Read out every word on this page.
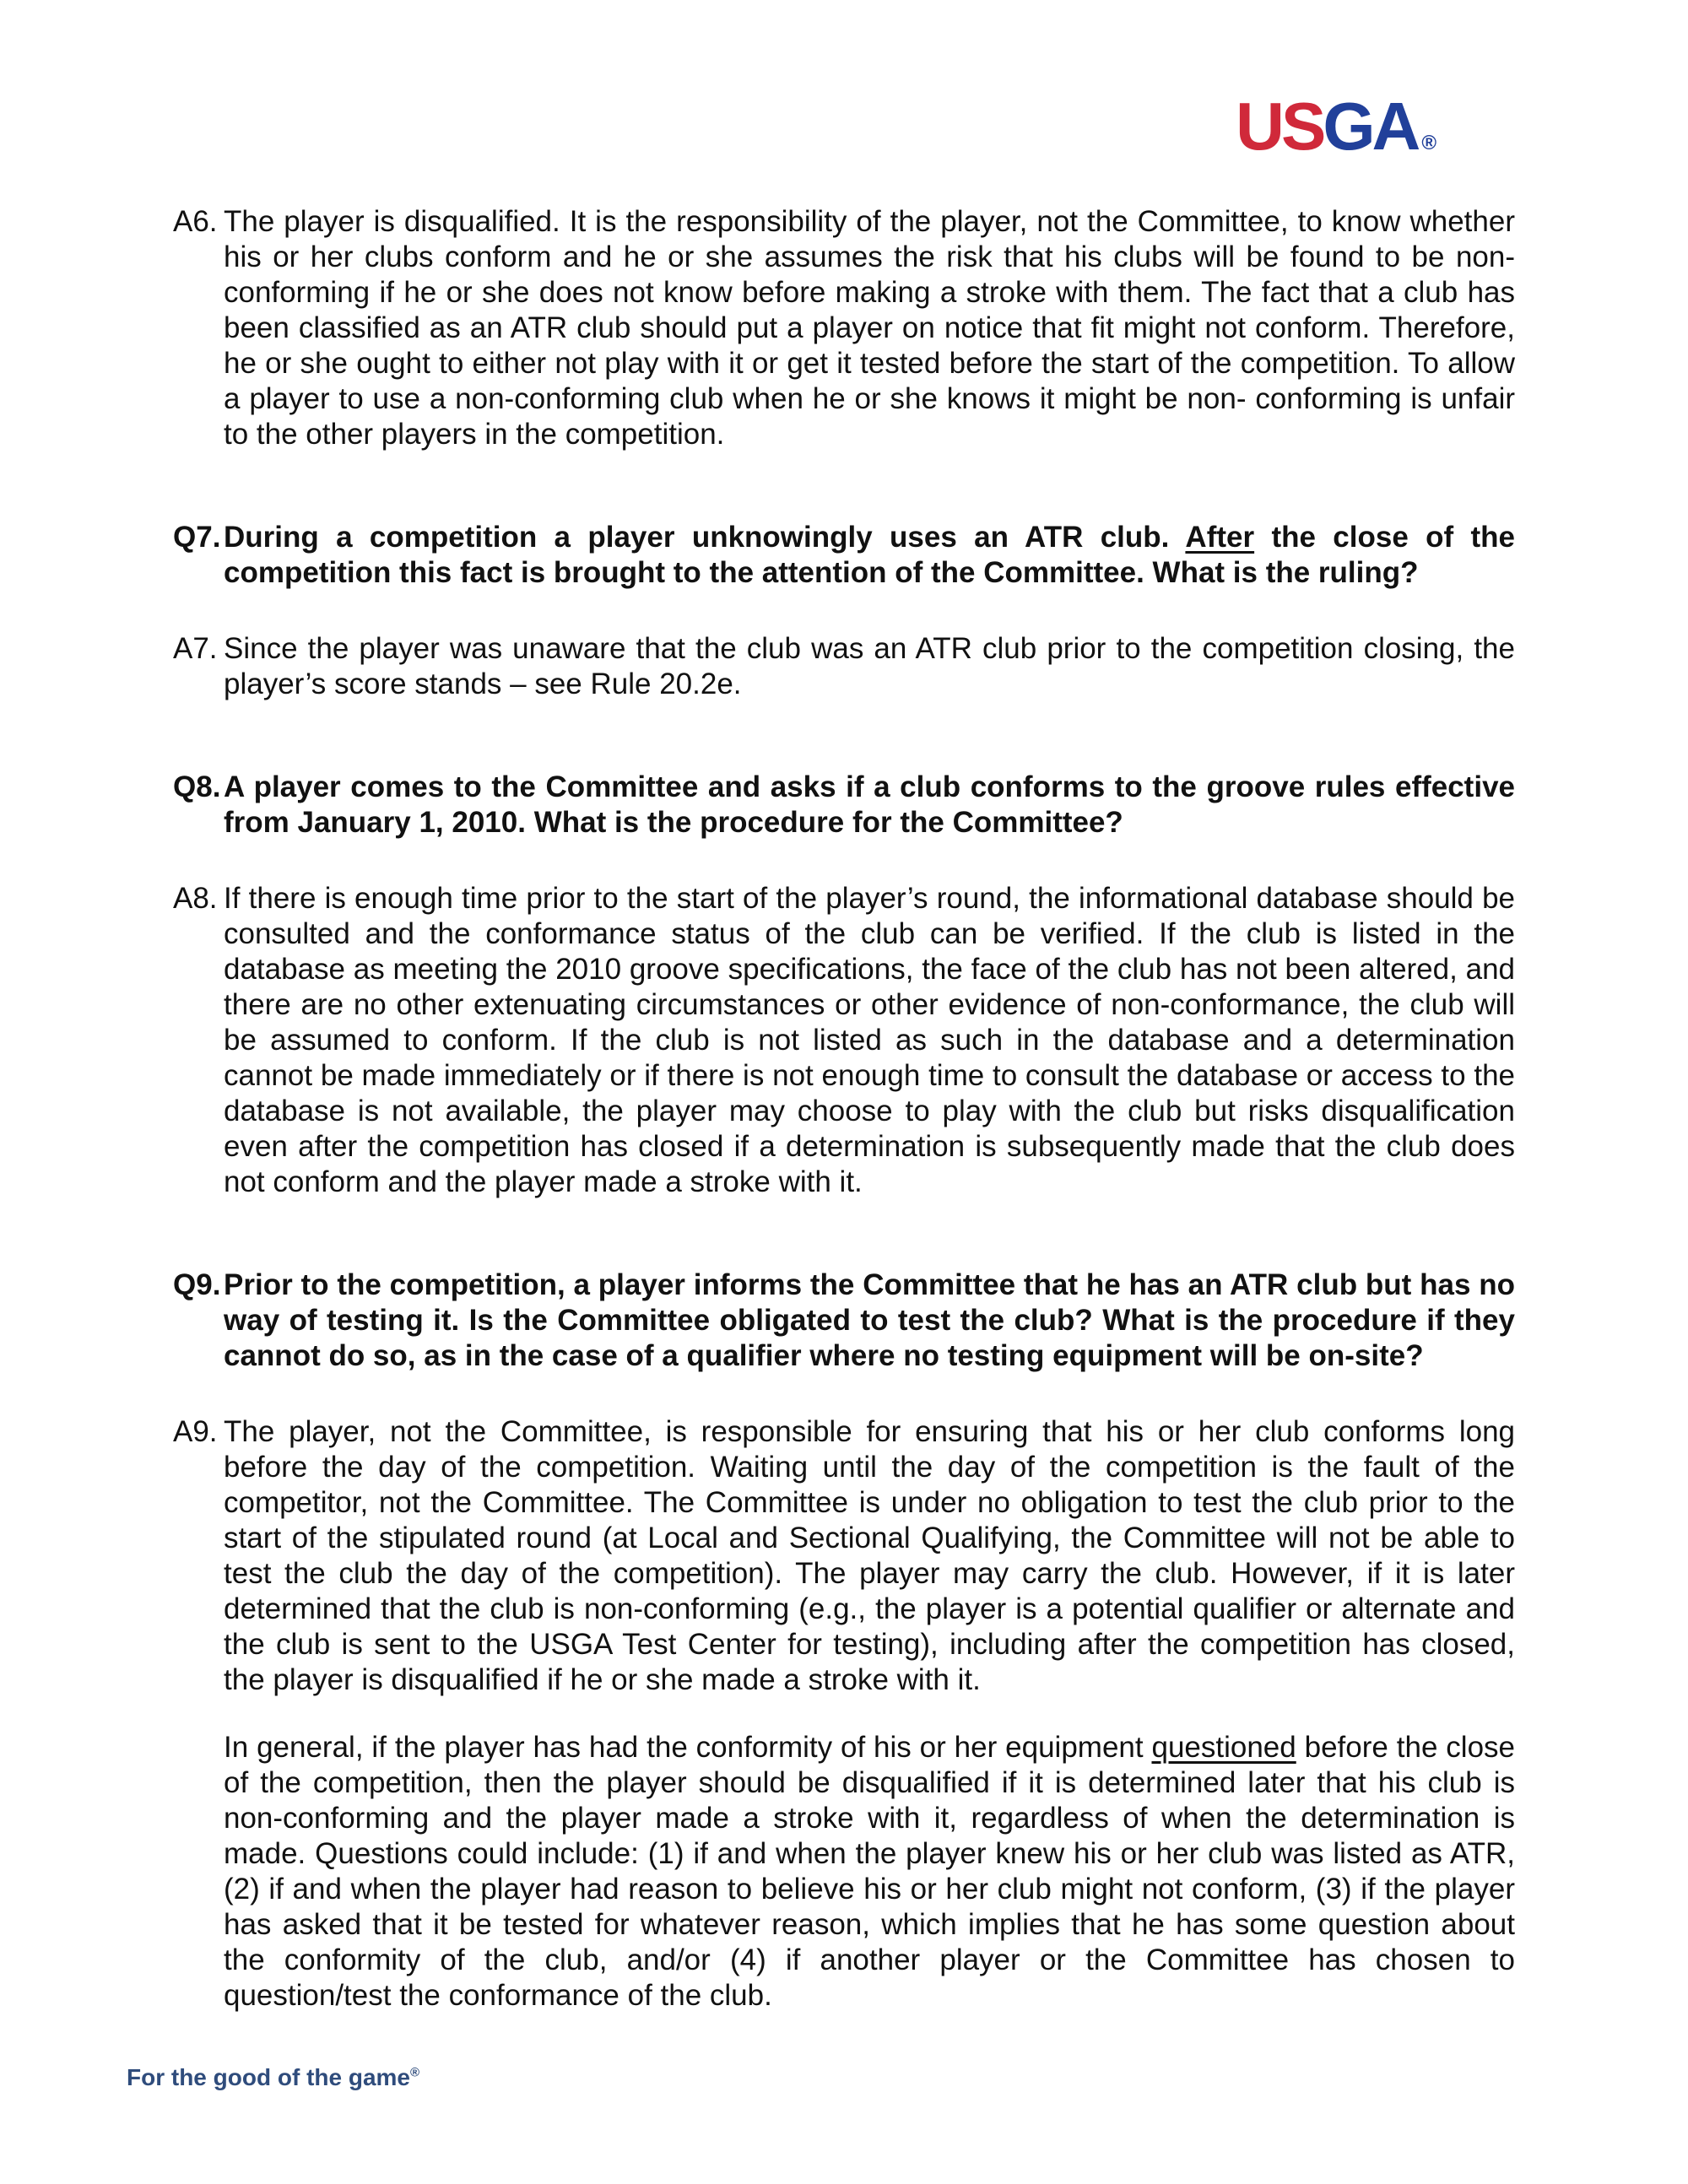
USGA ®
A6. The player is disqualified. It is the responsibility of the player, not the Committee, to know whether his or her clubs conform and he or she assumes the risk that his clubs will be found to be non-conforming if he or she does not know before making a stroke with them. The fact that a club has been classified as an ATR club should put a player on notice that fit might not conform. Therefore, he or she ought to either not play with it or get it tested before the start of the competition. To allow a player to use a non-conforming club when he or she knows it might be non- conforming is unfair to the other players in the competition.
Q7. During a competition a player unknowingly uses an ATR club. After the close of the competition this fact is brought to the attention of the Committee. What is the ruling?
A7. Since the player was unaware that the club was an ATR club prior to the competition closing, the player’s score stands – see Rule 20.2e.
Q8. A player comes to the Committee and asks if a club conforms to the groove rules effective from January 1, 2010. What is the procedure for the Committee?
A8. If there is enough time prior to the start of the player’s round, the informational database should be consulted and the conformance status of the club can be verified. If the club is listed in the database as meeting the 2010 groove specifications, the face of the club has not been altered, and there are no other extenuating circumstances or other evidence of non-conformance, the club will be assumed to conform. If the club is not listed as such in the database and a determination cannot be made immediately or if there is not enough time to consult the database or access to the database is not available, the player may choose to play with the club but risks disqualification even after the competition has closed if a determination is subsequently made that the club does not conform and the player made a stroke with it.
Q9. Prior to the competition, a player informs the Committee that he has an ATR club but has no way of testing it. Is the Committee obligated to test the club? What is the procedure if they cannot do so, as in the case of a qualifier where no testing equipment will be on-site?
A9. The player, not the Committee, is responsible for ensuring that his or her club conforms long before the day of the competition. Waiting until the day of the competition is the fault of the competitor, not the Committee. The Committee is under no obligation to test the club prior to the start of the stipulated round (at Local and Sectional Qualifying, the Committee will not be able to test the club the day of the competition). The player may carry the club. However, if it is later determined that the club is non-conforming (e.g., the player is a potential qualifier or alternate and the club is sent to the USGA Test Center for testing), including after the competition has closed, the player is disqualified if he or she made a stroke with it.
In general, if the player has had the conformity of his or her equipment questioned before the close of the competition, then the player should be disqualified if it is determined later that his club is non-conforming and the player made a stroke with it, regardless of when the determination is made. Questions could include: (1) if and when the player knew his or her club was listed as ATR, (2) if and when the player had reason to believe his or her club might not conform, (3) if the player has asked that it be tested for whatever reason, which implies that he has some question about the conformity of the club, and/or (4) if another player or the Committee has chosen to question/test the conformance of the club.
For the good of the game®
